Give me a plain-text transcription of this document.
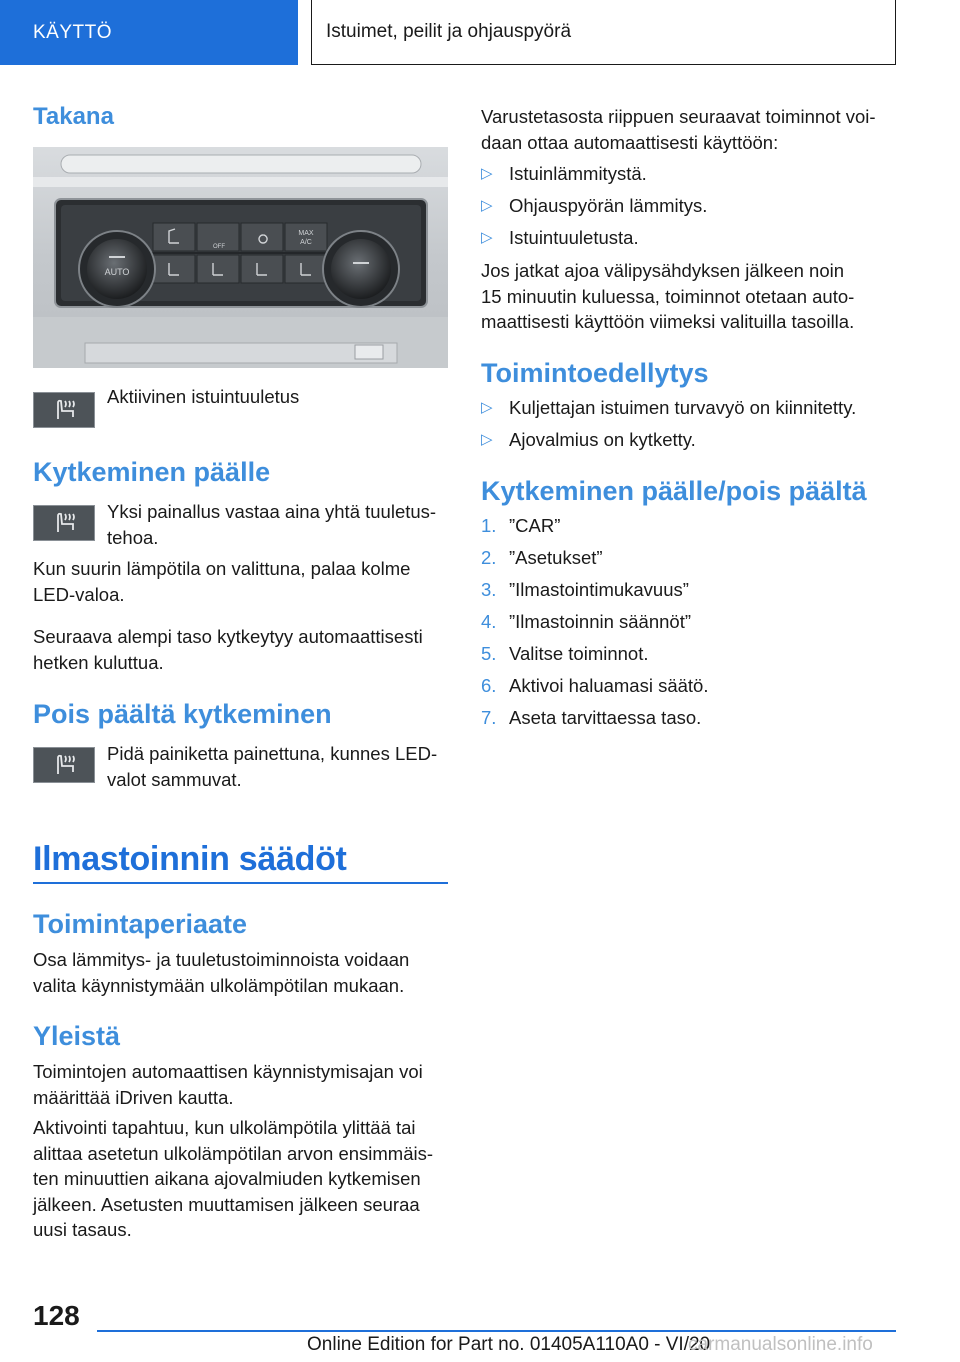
KÄYTTÖ	Istuimet, peilit ja ohjauspyörä
Takana
AUTO
OFF
MAX
A/C
Aktiivinen istuintuuletus
Kytkeminen päälle
Yksi painallus vastaa aina yhtä tuuletus-
tehoa.

Kun suurin lämpötila on valittuna, palaa kolme LED-valoa.

Seuraava alempi taso kytkeytyy automaattisesti hetken kuluttua.

Pois päältä kytkeminen
Pidä painiketta painettuna, kunnes LED-
valot sammuvat.
Ilmastoinnin säädöt
Toimintaperiaate

Osa lämmitys- ja tuuletustoiminnoista voidaan valita käynnistymään ulkolämpötilan mukaan.

Yleistä

Toimintojen automaattisen käynnistymisajan voi määrittää iDriven kautta.

Aktivointi tapahtuu, kun ulkolämpötila ylittää tai alittaa asetetun ulkolämpötilan arvon ensimmäis- ten minuuttien aikana ajovalmiuden kytkemisen jälkeen. Asetusten muuttamisen jälkeen seuraa uusi tasaus.

Varustetasosta riippuen seuraavat toiminnot voi-
daan ottaa automaattisesti käyttöön:

▷ Istuinlämmitystä.
▷ Ohjauspyörän lämmitys.
▷ Istuintuuletusta.

Jos jatkat ajoa välipysähdyksen jälkeen noin
15 minuutin kuluessa, toiminnot otetaan auto-
maattisesti käyttöön viimeksi valituilla tasoilla.

Toimintoedellytys
▷ Kuljettajan istuimen turvavyö on kiinnitetty.
▷ Ajovalmius on kytketty.
Kytkeminen päälle/pois päältä
1. ”CAR”
2. ”Asetukset”
3. ”Ilmastointimukavuus”
4. ”Ilmastoinnin säännöt”
5. Valitse toiminnot.
6. Aktivoi haluamasi säätö.
7. Aseta tarvittaessa taso.
128
Online Edition for Part no. 01405A110A0 - VI/20
carmanualsonline.info
